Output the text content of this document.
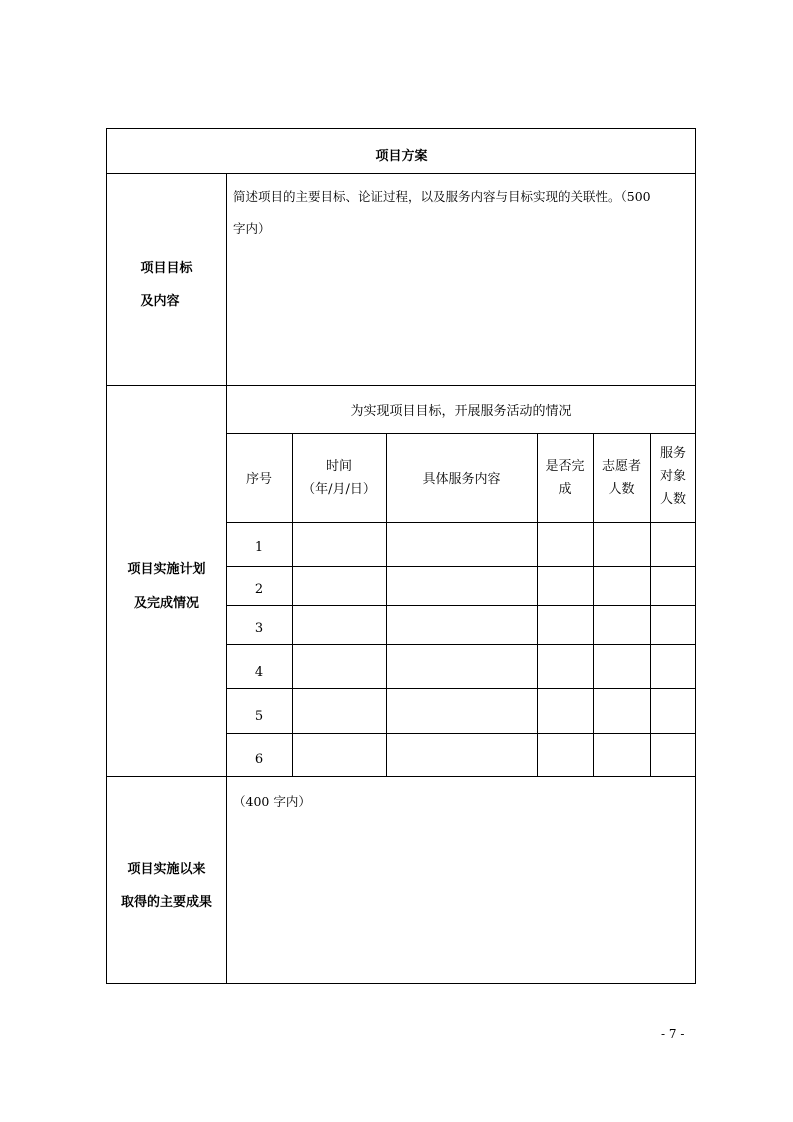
项目方案
项目目标
及内容
简述项目的主要目标、论证过程，以及服务内容与目标实现的关联性。（500
字内）
项目实施计划
及完成情况
为实现项目目标，开展服务活动的情况
序号
时间
（年/月/日）
具体服务内容
是否完
成
志愿者
人数
服务
对象
人数
1
2
3
4
5
6
项目实施以来
取得的主要成果
（400 字内）
- 7 -
